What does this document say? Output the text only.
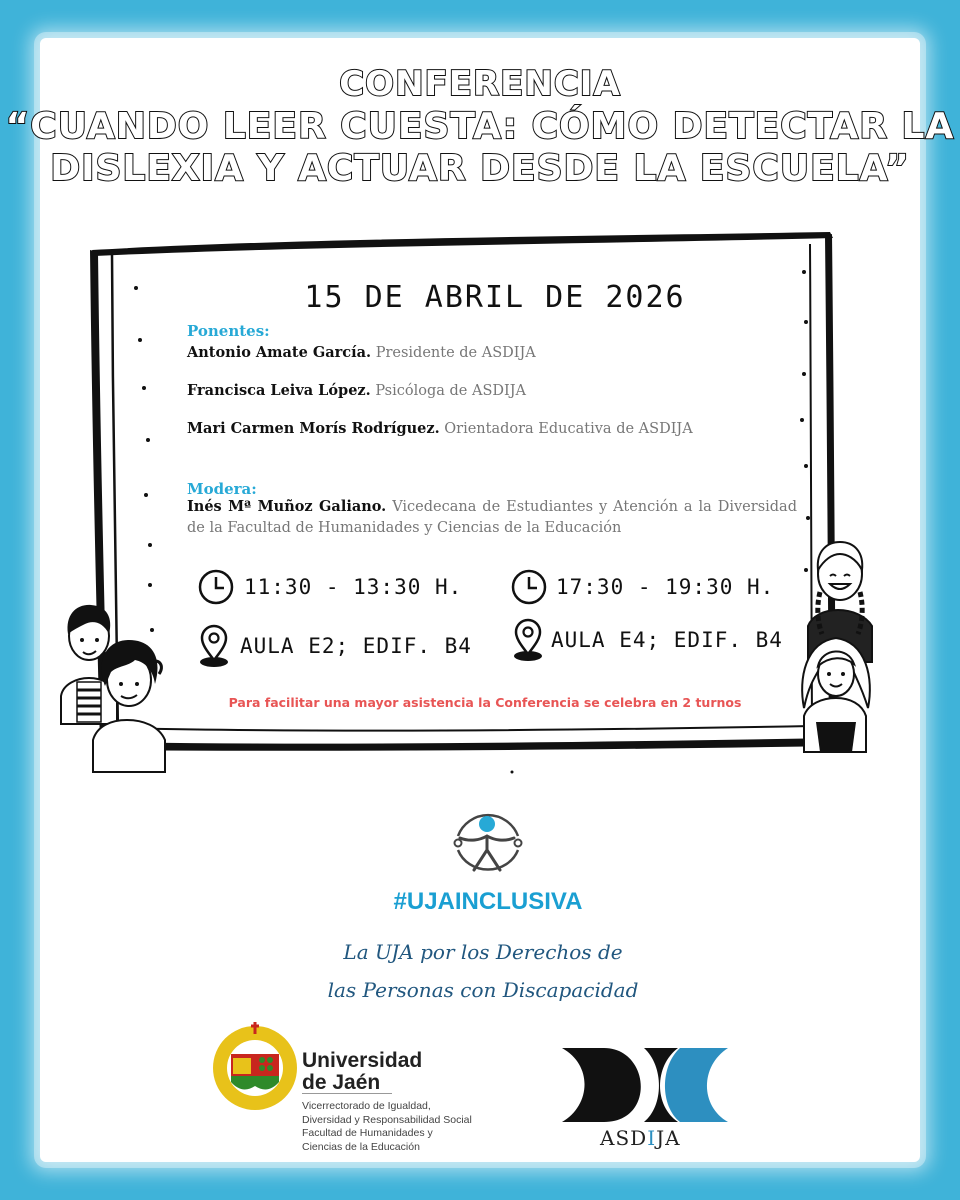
CONFERENCIA
“CUANDO LEER CUESTA: CÓMO DETECTAR LA
DISLEXIA Y ACTUAR DESDE LA ESCUELA”
15 DE ABRIL DE 2026
Ponentes:
Antonio Amate García. Presidente de ASDIJA
Francisca Leiva López. Psicóloga de ASDIJA
Mari Carmen Morís Rodríguez. Orientadora Educativa de ASDIJA
Modera:
Inés Mª Muñoz Galiano. Vicedecana de Estudiantes y Atención a la Diversidad de la Facultad de Humanidades y Ciencias de la Educación
11:30 - 13:30 H.
AULA E2; EDIF. B4
17:30 - 19:30 H.
AULA E4; EDIF. B4
Para facilitar una mayor asistencia la Conferencia se celebra en 2 turnos
#UJAINCLUSIVA
La UJA por los Derechos de
las Personas con Discapacidad
Universidad
de Jaén
Vicerrectorado de Igualdad,
Diversidad y Responsabilidad Social
Facultad de Humanidades y
Ciencias de la Educación	ASDIJA
